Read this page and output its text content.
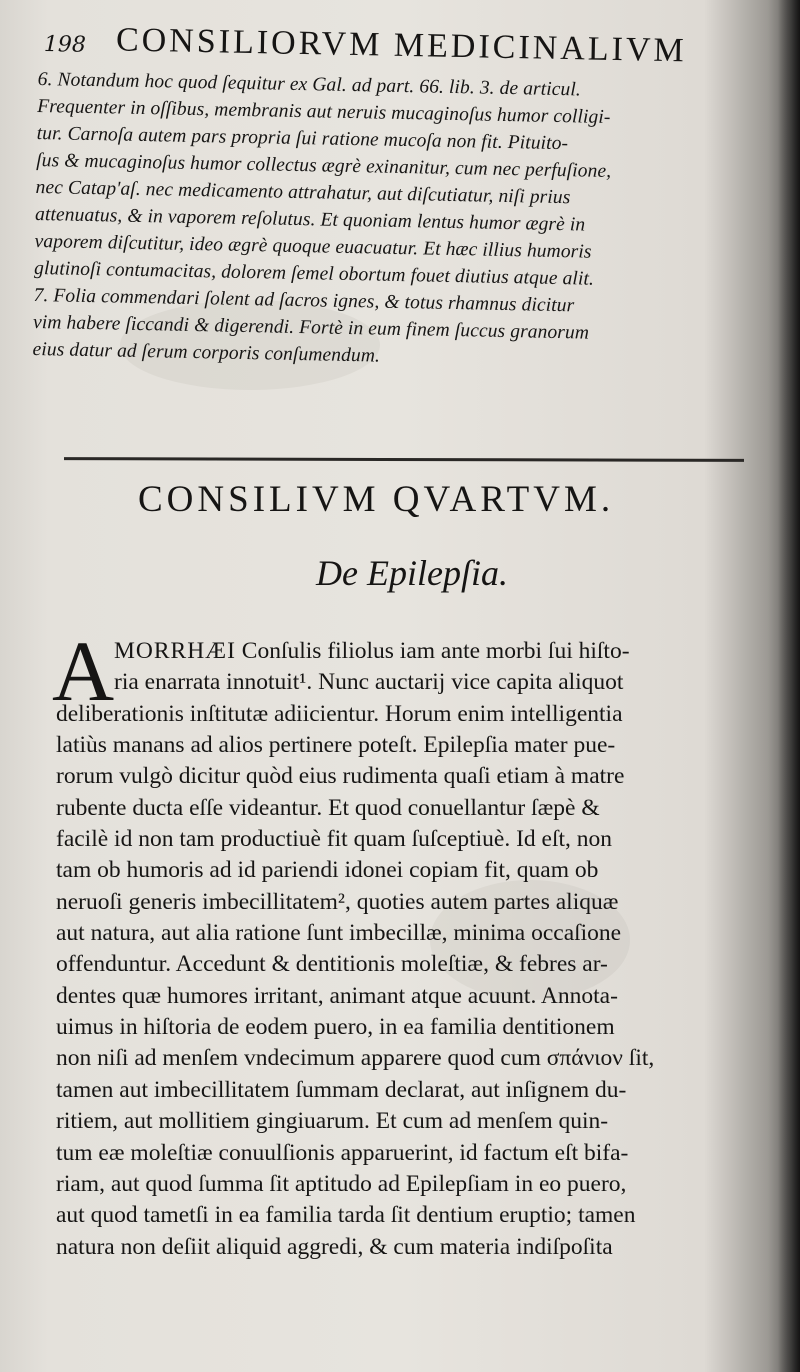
198 CONSILIORVM MEDICINALIVM
6. Notandum hoc quod ſequitur ex Gal. ad part. 66. lib. 3. de articul.
Frequenter in oſſibus, membranis aut neruis mucaginoſus humor colligi-
tur. Carnoſa autem pars propria ſui ratione mucoſa non fit. Pituito-
ſus & mucaginoſus humor collectus ægrè exinanitur, cum nec perfuſione,
nec Catap'aſ. nec medicamento attrahatur, aut diſcutiatur, niſi prius
attenuatus, & in vaporem reſolutus. Et quoniam lentus humor ægrè in
vaporem diſcutitur, ideo ægrè quoque euacuatur. Et hæc illius humoris
glutinoſi contumacitas, dolorem ſemel obortum fouet diutius atque alit.
7. Folia commendari ſolent ad ſacros ignes, & totus rhamnus dicitur
vim habere ſiccandi & digerendi. Fortè in eum finem ſuccus granorum
eius datur ad ſerum corporis conſumendum.
CONSILIVM QVARTVM.
De Epilepſia.
A MORRHÆI Conſulis filiolus iam ante morbi ſui hiſto-
ria enarrata innotuit¹. Nunc auctarij vice capita aliquot
deliberationis inſtitutæ adiicientur. Horum enim intelligentia
latiùs manans ad alios pertinere poteſt. Epilepſia mater pue-
rorum vulgò dicitur quòd eius rudimenta quaſi etiam à matre
rubente ducta eſſe videantur. Et quod conuellantur ſæpè &
facilè id non tam productiuè fit quam ſuſceptiuè. Id eſt, non
tam ob humoris ad id pariendi idonei copiam fit, quam ob
neruoſi generis imbecillitatem², quoties autem partes aliquæ
aut natura, aut alia ratione ſunt imbecillæ, minima occaſione
offenduntur. Accedunt & dentitionis moleſtiæ, & febres ar-
dentes quæ humores irritant, animant atque acuunt. Annota-
uimus in hiſtoria de eodem puero, in ea familia dentitionem
non niſi ad menſem vndecimum apparere quod cum σπάνιον ſit,
tamen aut imbecillitatem ſummam declarat, aut inſignem du-
ritiem, aut mollitiem gingiuarum. Et cum ad menſem quin-
tum eæ moleſtiæ conuulſionis apparuerint, id factum eſt bifa-
riam, aut quod ſumma ſit aptitudo ad Epilepſiam in eo puero,
aut quod tametſi in ea familia tarda ſit dentium eruptio; tamen
natura non deſiit aliquid aggredi, & cum materia indiſpoſita
